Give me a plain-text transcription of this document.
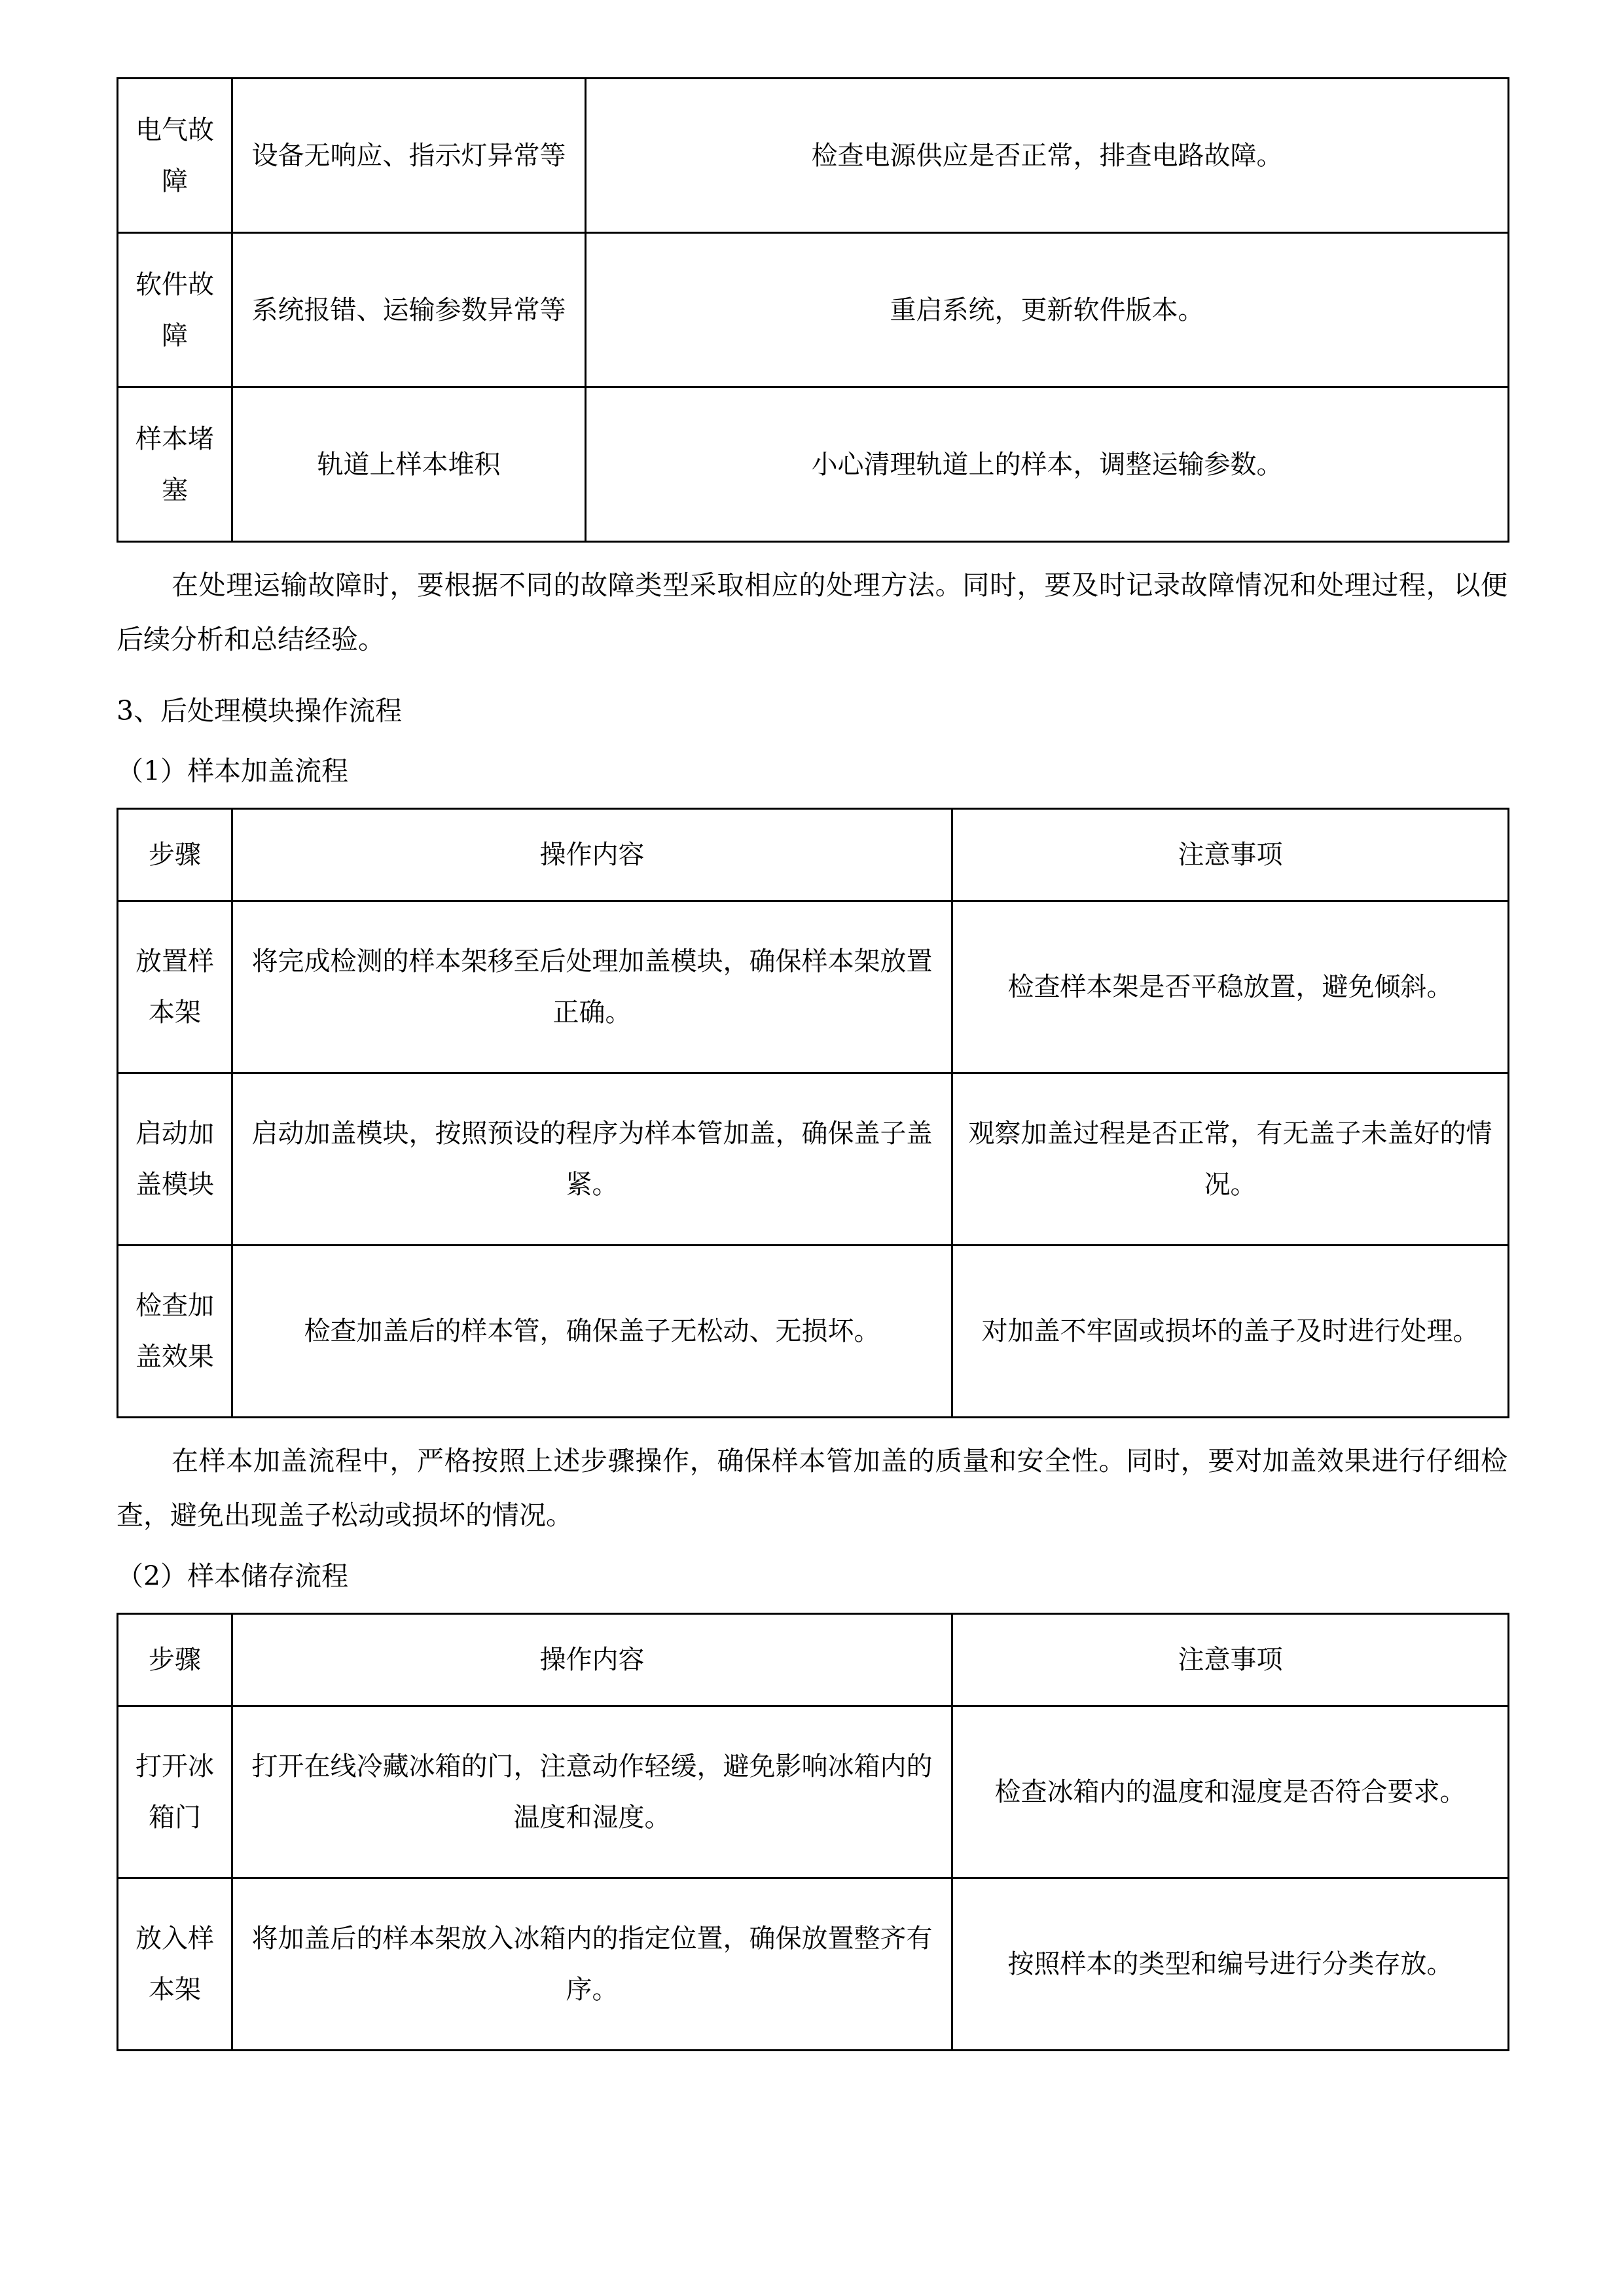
电气故障	设备无响应、指示灯异常等	检查电源供应是否正常，排查电路故障。
软件故障	系统报错、运输参数异常等	重启系统，更新软件版本。
样本堵塞	轨道上样本堆积	小心清理轨道上的样本，调整运输参数。

在处理运输故障时，要根据不同的故障类型采取相应的处理方法。同时，要及时记录故障情况和处理过程，以便后续分析和总结经验。

3、后处理模块操作流程

（1）样本加盖流程

步骤	操作内容	注意事项
放置样本架	将完成检测的样本架移至后处理加盖模块，确保样本架放置正确。	检查样本架是否平稳放置，避免倾斜。
启动加盖模块	启动加盖模块，按照预设的程序为样本管加盖，确保盖子盖紧。	观察加盖过程是否正常，有无盖子未盖好的情况。
检查加盖效果	检查加盖后的样本管，确保盖子无松动、无损坏。	对加盖不牢固或损坏的盖子及时进行处理。

在样本加盖流程中，严格按照上述步骤操作，确保样本管加盖的质量和安全性。同时，要对加盖效果进行仔细检查，避免出现盖子松动或损坏的情况。

（2）样本储存流程

步骤	操作内容	注意事项
打开冰箱门	打开在线冷藏冰箱的门，注意动作轻缓，避免影响冰箱内的温度和湿度。	检查冰箱内的温度和湿度是否符合要求。
放入样本架	将加盖后的样本架放入冰箱内的指定位置，确保放置整齐有序。	按照样本的类型和编号进行分类存放。
